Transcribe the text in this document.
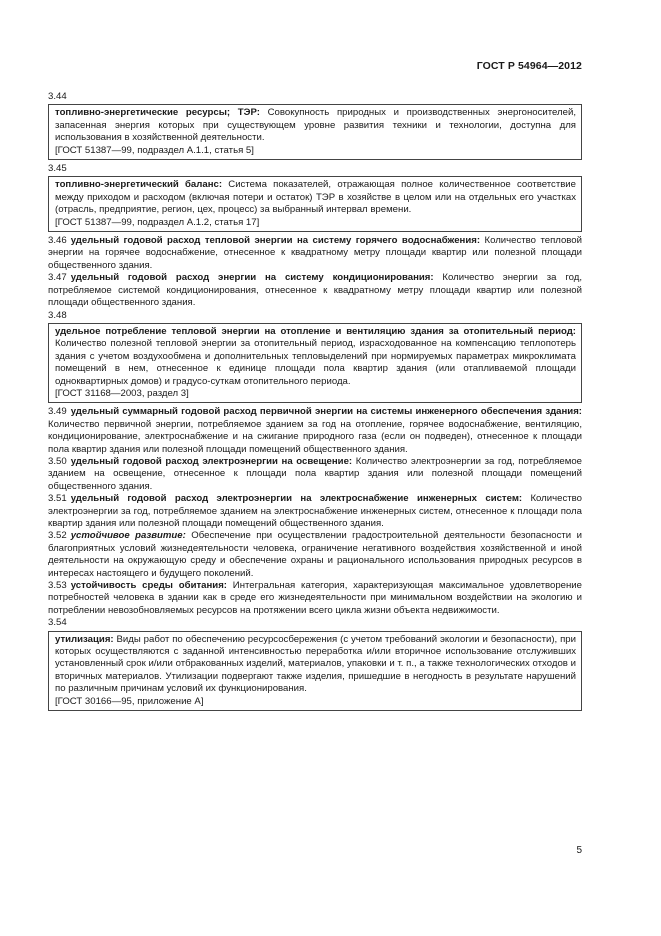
ГОСТ Р 54964—2012

3.44

топливно-энергетические ресурсы; ТЭР: Совокупность природных и производственных энергоносителей, запасенная энергия которых при существующем уровне развития техники и технологии, доступна для использования в хозяйственной деятельности.

[ГОСТ 51387—99, подраздел А.1.1, статья 5]

3.45

топливно-энергетический баланс: Система показателей, отражающая полное количественное соответствие между приходом и расходом (включая потери и остаток) ТЭР в хозяйстве в целом или на отдельных его участках (отрасль, предприятие, регион, цех, процесс) за выбранный интервал времени.

[ГОСТ 51387—99, подраздел А.1.2, статья 17]

3.46 удельный годовой расход тепловой энергии на систему горячего водоснабжения: Количество тепловой энергии на горячее водоснабжение, отнесенное к квадратному метру площади квартир или полезной площади общественного здания.

3.47 удельный годовой расход энергии на систему кондиционирования: Количество энергии за год, потребляемое системой кондиционирования, отнесенное к квадратному метру площади квартир или полезной площади общественного здания.

3.48

удельное потребление тепловой энергии на отопление и вентиляцию здания за отопительный период: Количество полезной тепловой энергии за отопительный период, израсходованное на компенсацию теплопотерь здания с учетом воздухообмена и дополнительных тепловыделений при нормируемых параметрах микроклимата помещений в нем, отнесенное к единице площади пола квартир здания (или отапливаемой площади одноквартирных домов) и градусо-суткам отопительного периода.

[ГОСТ 31168—2003, раздел 3]

3.49 удельный суммарный годовой расход первичной энергии на системы инженерного обеспечения здания: Количество первичной энергии, потребляемое зданием за год на отопление, горячее водоснабжение, вентиляцию, кондиционирование, электроснабжение и на сжигание природного газа (если он подведен), отнесенное к площади пола квартир здания или полезной площади помещений общественного здания.

3.50 удельный годовой расход электроэнергии на освещение: Количество электроэнергии за год, потребляемое зданием на освещение, отнесенное к площади пола квартир здания или полезной площади помещений общественного здания.

3.51 удельный годовой расход электроэнергии на электроснабжение инженерных систем: Количество электроэнергии за год, потребляемое зданием на электроснабжение инженерных систем, отнесенное к площади пола квартир здания или полезной площади помещений общественного здания.

3.52 устойчивое развитие: Обеспечение при осуществлении градостроительной деятельности безопасности и благоприятных условий жизнедеятельности человека, ограничение негативного воздействия хозяйственной и иной деятельности на окружающую среду и обеспечение охраны и рационального использования природных ресурсов в интересах настоящего и будущего поколений.

3.53 устойчивость среды обитания: Интегральная категория, характеризующая максимальное удовлетворение потребностей человека в здании как в среде его жизнедеятельности при минимальном воздействии на экологию и потреблении невозобновляемых ресурсов на протяжении всего цикла жизни объекта недвижимости.

3.54

утилизация: Виды работ по обеспечению ресурсосбережения (с учетом требований экологии и безопасности), при которых осуществляются с заданной интенсивностью переработка и/или вторичное использование отслуживших установленный срок и/или отбракованных изделий, материалов, упаковки и т. п., а также технологических отходов и вторичных материалов. Утилизации подвергают также изделия, пришедшие в негодность в результате нарушений по различным причинам условий их функционирования.

[ГОСТ 30166—95, приложение А]

5
